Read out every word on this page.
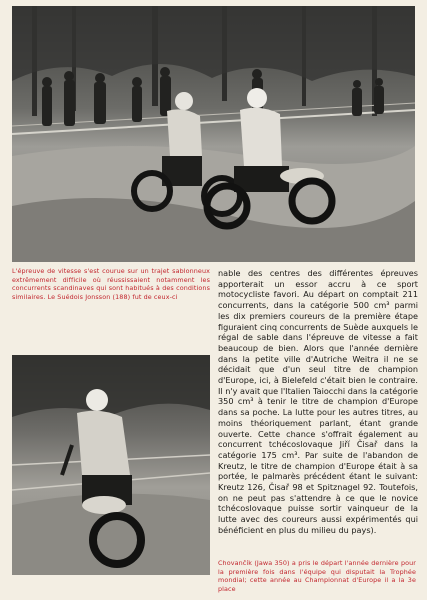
L'épreuve de vitesse s'est courue sur un trajet sablonneux extrêmement difficile où réussissaient notamment les concurrents scandinaves qui sont habitués à des conditions similaires. Le Suédois Jonsson (188) fut de ceux-ci

nable des centres des différentes épreuves apporterait un essor accru à ce sport motocycliste favori. Au départ on comptait 211 concurrents, dans la catégorie 500 cm³ parmi les dix premiers coureurs de la première étape figuraient cinq concurrents de Suède auxquels le régal de sable dans l'épreuve de vitesse a fait beaucoup de bien. Alors que l'année dernière dans la petite ville d'Autriche Weitra il ne se décidait que d'un seul titre de champion d'Europe, ici, à Bielefeld c'était bien le contraire. Il n'y avait que l'Italien Taiocchi dans la catégorie 350 cm³ à tenir le titre de champion d'Europe dans sa poche. La lutte pour les autres titres, au moins théoriquement parlant, étant grande ouverte. Cette chance s'offrait également au concurrent tchécoslovaque Jiří Čisař dans la catégorie 175 cm³. Par suite de l'abandon de Kreutz, le titre de champion d'Europe était à sa portée, le palmarès précédent étant le suivant: Kreutz 126, Čisař 98 et Spitznagel 92. Toutefois, on ne peut pas s'attendre à ce que le novice tchécoslovaque puisse sortir vainqueur de la lutte avec des coureurs aussi expérimentés qui bénéficient en plus du milieu du pays).

Chovančík (Jawa 350) a pris le départ l'année dernière pour la première fois dans l'équipe qui disputait la Trophée mondial; cette année au Championnat d'Europe il a la 3e place
